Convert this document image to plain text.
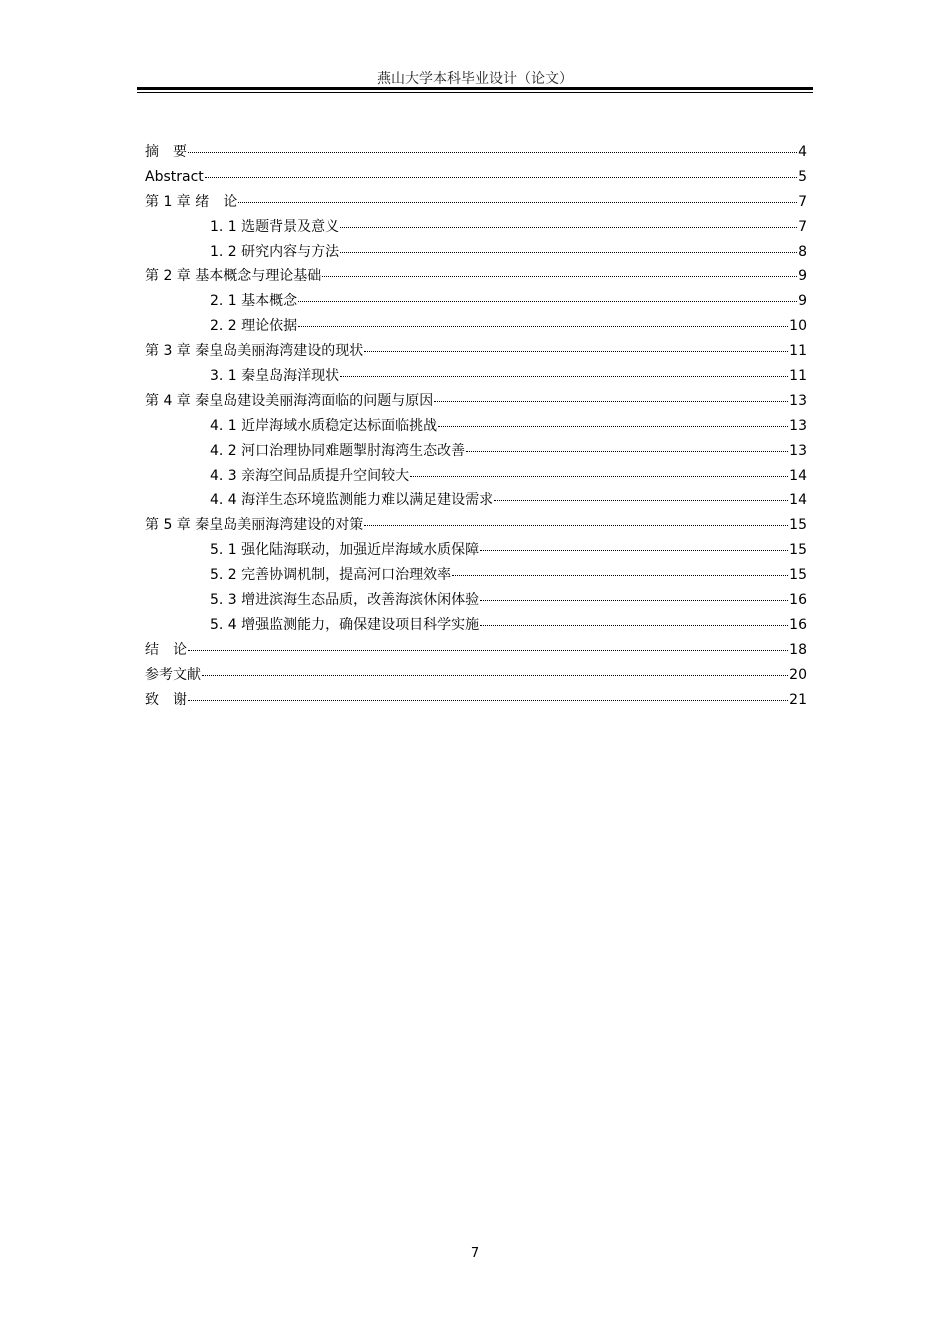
燕山大学本科毕业设计（论文）
摘　要	4
Abstract	5
第 1 章 绪　论	7
1. 1 选题背景及意义	7
1. 2 研究内容与方法	8
第 2 章 基本概念与理论基础	9
2. 1 基本概念	9
2. 2 理论依据	10
第 3 章 秦皇岛美丽海湾建设的现状	11
3. 1 秦皇岛海洋现状	11
第 4 章 秦皇岛建设美丽海湾面临的问题与原因	13
4. 1 近岸海域水质稳定达标面临挑战	13
4. 2 河口治理协同难题掣肘海湾生态改善	13
4. 3 亲海空间品质提升空间较大	14
4. 4 海洋生态环境监测能力难以满足建设需求	14
第 5 章 秦皇岛美丽海湾建设的对策	15
5. 1 强化陆海联动，加强近岸海域水质保障	15
5. 2 完善协调机制，提高河口治理效率	15
5. 3 增进滨海生态品质，改善海滨休闲体验	16
5. 4 增强监测能力，确保建设项目科学实施	16
结　论	18
参考文献	20
致　谢	21
7
